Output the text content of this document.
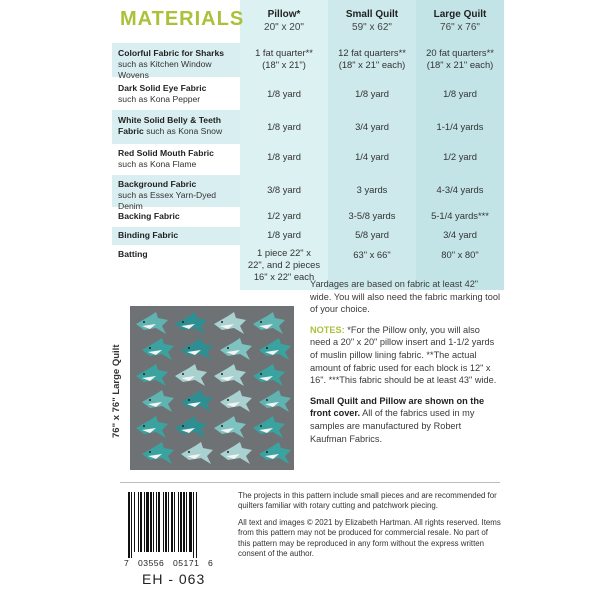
MATERIALS	Pillow*
20" x 20"
Small Quilt
59" x 62"
Large Quilt
76" x 76"
Colorful Fabric for Sharks
such as Kitchen Window Wovens
1 fat quarter**
(18" x 21")
12 fat quarters**
(18" x 21" each)
20 fat quarters**
(18" x 21" each)
Dark Solid Eye Fabric
such as Kona Pepper	1/8 yard	1/8 yard	1/8 yard
White Solid Belly & Teeth Fabric such as Kona Snow	1/8 yard	3/4 yard	1-1/4 yards
Red Solid Mouth Fabric
such as Kona Flame
1/8 yard	1/4 yard	1/2 yard
Background Fabric
such as Essex Yarn-Dyed Denim
3/8 yard	3 yards	4-3/4 yards
Backing Fabric	1/2 yard	3-5/8 yards	5-1/4 yards***
Binding Fabric	1/8 yard	5/8 yard	3/4 yard
Batting	1 piece 22" x
22", and 2 pieces
16" x 22" each
63" x 66"	80" x 80"
76" x 76" Large Quilt

Yardages are based on fabric at least 42" wide. You will also need the fabric marking tool of your choice.

NOTES: *For the Pillow only, you will also need a 20" x 20" pillow insert and 1-1/2 yards of muslin pillow lining fabric. **The actual amount of fabric used for each block is 12" x 16". ***This fabric should be at least 43" wide.

Small Quilt and Pillow are shown on the front cover. All of the fabrics used in my samples are manufactured by Robert Kaufman Fabrics.

7   03556   05171   6
EH - 063

The projects in this pattern include small pieces and are recommended for quilters familiar with rotary cutting and patchwork piecing.

All text and images © 2021 by Elizabeth Hartman. All rights reserved. Items from this pattern may not be produced for commercial resale. No part of this pattern may be reproduced in any form without the express written consent of the author.
